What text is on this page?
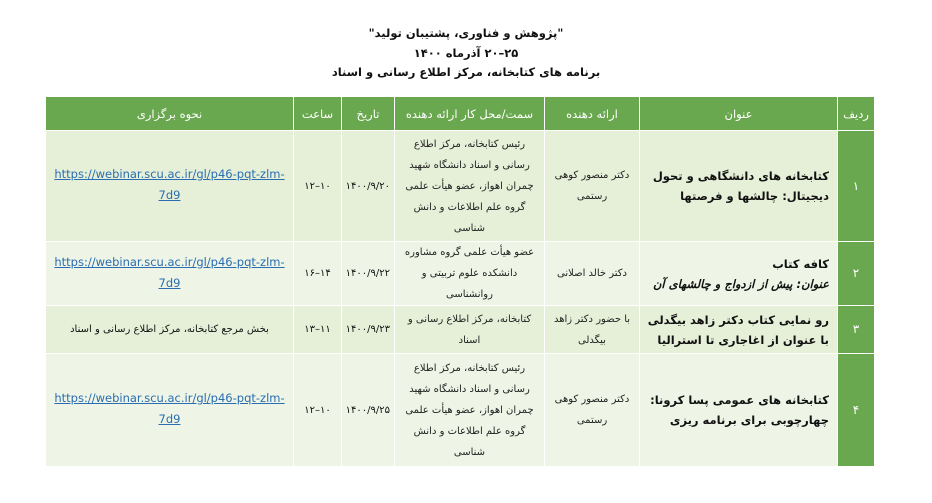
"پژوهش و فناوری، پشتیبان تولید"
۲۵–۲۰ آذرماه ۱۴۰۰
برنامه های کتابخانه، مرکز اطلاع رسانی و اسناد
ردیف	عنوان	ارائه دهنده	سمت/محل کار ارائه دهنده	تاریخ	ساعت	نحوه برگزاری
۱	کتابخانه های دانشگاهی و تحول دیجیتال: چالشها و فرصتها	دکتر منصور کوهی رستمی	رئیس کتابخانه، مرکز اطلاع رسانی و اسناد دانشگاه شهید چمران اهواز، عضو هیأت علمی گروه علم اطلاعات و دانش شناسی	۱۴۰۰/۹/۲۰	۱۰–۱۲	https://webinar.scu.ac.ir/gl/p46-pqt-zlm-7d9
۲	کافه کتاب
عنوان: پیش از ازدواج و چالشهای آن	دکتر خالد اصلانی	عضو هیأت علمی گروه مشاوره دانشکده علوم تربیتی و روانشناسی	۱۴۰۰/۹/۲۲	۱۴–۱۶	https://webinar.scu.ac.ir/gl/p46-pqt-zlm-7d9
۳	رو نمایی کتاب دکتر زاهد بیگدلی با عنوان از اغاجاری تا استرالیا	با حضور دکتر زاهد بیگدلی	کتابخانه، مرکز اطلاع رسانی و اسناد	۱۴۰۰/۹/۲۳	۱۱–۱۳	بخش مرجع کتابخانه، مرکز اطلاع رسانی و اسناد
۴	کتابخانه های عمومی پسا کرونا: چهارچوبی برای برنامه ریزی	دکتر منصور کوهی رستمی	رئیس کتابخانه، مرکز اطلاع رسانی و اسناد دانشگاه شهید چمران اهواز، عضو هیأت علمی گروه علم اطلاعات و دانش شناسی	۱۴۰۰/۹/۲۵	۱۰–۱۲	https://webinar.scu.ac.ir/gl/p46-pqt-zlm-7d9
